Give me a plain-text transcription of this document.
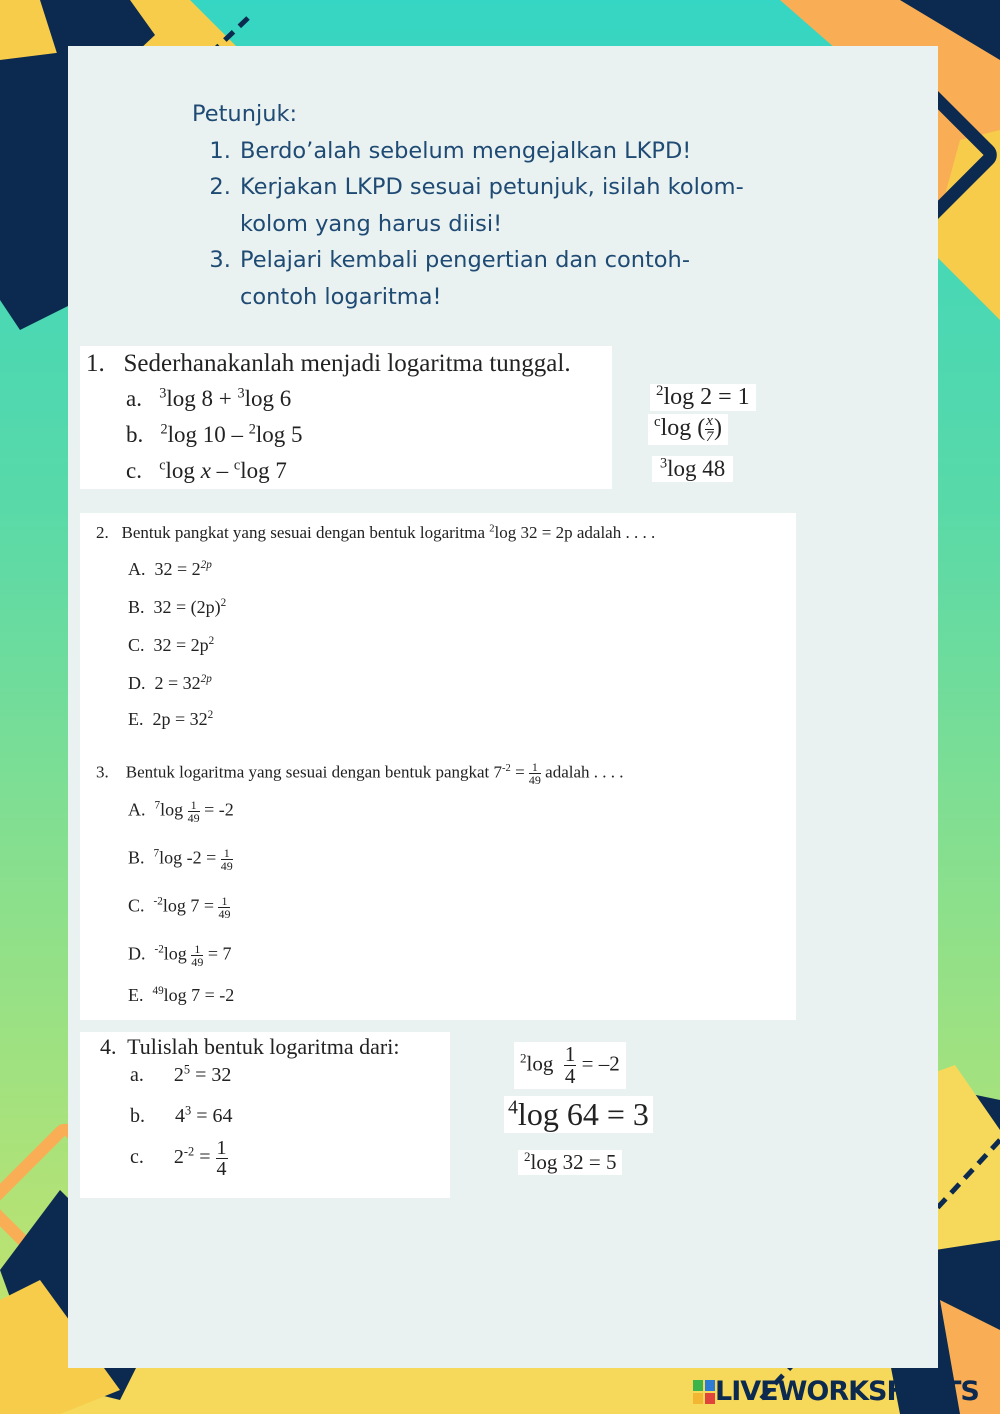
Petunjuk:
1. Berdo’alah sebelum mengejalkan LKPD!
2. Kerjakan LKPD sesuai petunjuk, isilah kolom-kolom yang harus diisi!
3. Pelajari kembali pengertian dan contoh-contoh logaritma!
1. Sederhanakanlah menjadi logaritma tunggal.
a. $^3$log 8 + $^3$log 6
b. $^2$log 10 – $^2$log 5
c. $^c$log x – $^c$log 7
$^2$log 2 = 1
$^c$log ( $\frac{x}{7}$ )
$^3$log 48
2. Bentuk pangkat yang sesuai dengan bentuk logaritma $^2$log 32 = 2p adalah . . . .
A. $32 = 2^{2p}$
B. $32 = (2p)^2$
C. $32 = 2p^2$
D. $2 = 32^{2p}$
E. $2p = 32^2$
3. Bentuk logaritma yang sesuai dengan bentuk pangkat $7^{-2} = \frac{1}{49}$ adalah . . . .
A. $^7\log \frac{1}{49} = -2$
B. $^7$log $-2 = \frac{1}{49}$
C. $^{-2}$log $7 = \frac{1}{49}$
D. $^{-2}\log \frac{1}{49} = 7$
E. $^{49}$log 7 = -2
4. Tulislah bentuk logaritma dari:
a. $2^5 = 32$
b. $4^3 = 64$
c. $2^{-2} = \frac{1}{4}$
$^2\log \frac{1}{4} = -2$
$^4$log 64 = 3
$^2$log 32 = 5
LIVEWORKSHEETS
